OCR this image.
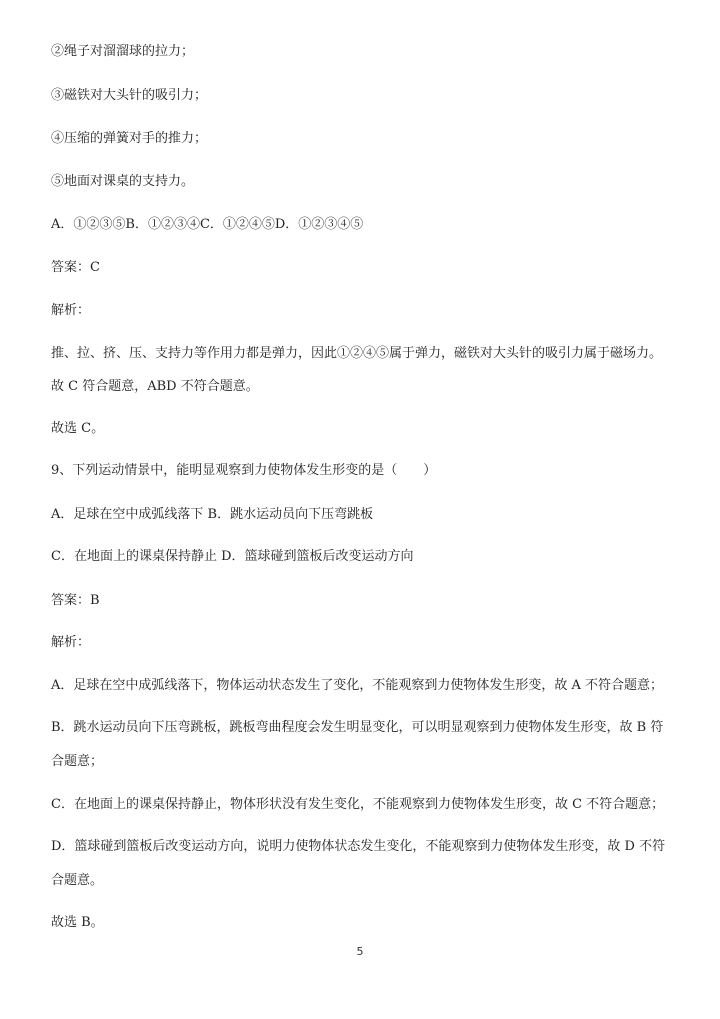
②绳子对溜溜球的拉力；
③磁铁对大头针的吸引力；
④压缩的弹簧对手的推力；
⑤地面对课桌的支持力。
A．①②③⑤B．①②③④C．①②④⑤D．①②③④⑤
答案：C
解析：
推、拉、挤、压、支持力等作用力都是弹力，因此①②④⑤属于弹力，磁铁对大头针的吸引力属于磁场力。
故 C 符合题意，ABD 不符合题意。
故选 C。
9、下列运动情景中，能明显观察到力使物体发生形变的是（　　）
A．足球在空中成弧线落下 B．跳水运动员向下压弯跳板
C．在地面上的课桌保持静止 D．篮球碰到篮板后改变运动方向
答案：B
解析：
A．足球在空中成弧线落下，物体运动状态发生了变化，不能观察到力使物体发生形变，故 A 不符合题意；
B．跳水运动员向下压弯跳板，跳板弯曲程度会发生明显变化，可以明显观察到力使物体发生形变，故 B 符合题意；
C．在地面上的课桌保持静止，物体形状没有发生变化，不能观察到力使物体发生形变，故 C 不符合题意；
D．篮球碰到篮板后改变运动方向，说明力使物体状态发生变化，不能观察到力使物体发生形变，故 D 不符合题意。
故选 B。
5
